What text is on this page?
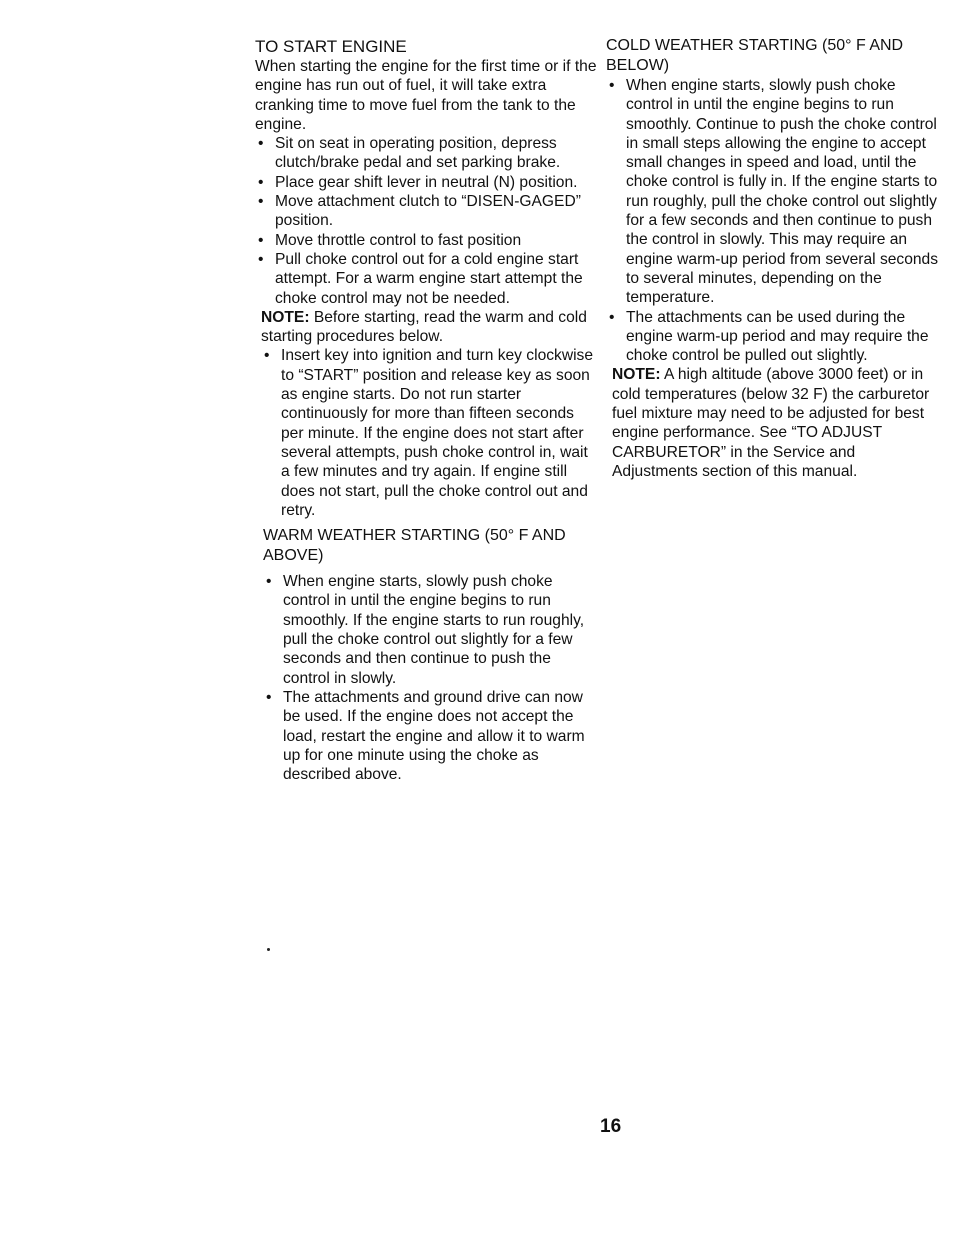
TO START ENGINE

When starting the engine for the first time or if the engine has run out of fuel, it will take extra cranking time to move fuel from the tank to the engine.

• Sit on seat in operating position, depress clutch/brake pedal and set parking brake.
• Place gear shift lever in neutral (N) position.
• Move attachment clutch to “DISEN-GAGED” position.
• Move throttle control to fast position
• Pull choke control out for a cold engine start attempt. For a warm engine start attempt the choke control may not be needed.

NOTE: Before starting, read the warm and cold starting procedures below.

• Insert key into ignition and turn key clockwise to “START” position and release key as soon as engine starts. Do not run starter continuously for more than fifteen seconds per minute. If the engine does not start after several attempts, push choke control in, wait a few minutes and try again. If engine still does not start, pull the choke control out and retry.
WARM WEATHER STARTING (50° F AND ABOVE)
• When engine starts, slowly push choke control in until the engine begins to run smoothly. If the engine starts to run roughly, pull the choke control out slightly for a few seconds and then continue to push the control in slowly.
• The attachments and ground drive can now be used. If the engine does not accept the load, restart the engine and allow it to warm up for one minute using the choke as described above.
COLD WEATHER STARTING (50° F AND BELOW)
• When engine starts, slowly push choke control in until the engine begins to run smoothly. Continue to push the choke control in small steps allowing the engine to accept small changes in speed and load, until the choke control is fully in. If the engine starts to run roughly, pull the choke control out slightly for a few seconds and then continue to push the control in slowly. This may require an engine warm-up period from several seconds to several minutes, depending on the temperature.
• The attachments can be used during the engine warm-up period and may require the choke control be pulled out slightly.

NOTE: A high altitude (above 3000 feet) or in cold temperatures (below 32 F) the carburetor fuel mixture may need to be adjusted for best engine performance. See “TO ADJUST CARBURETOR” in the Service and Adjustments section of this manual.

16
